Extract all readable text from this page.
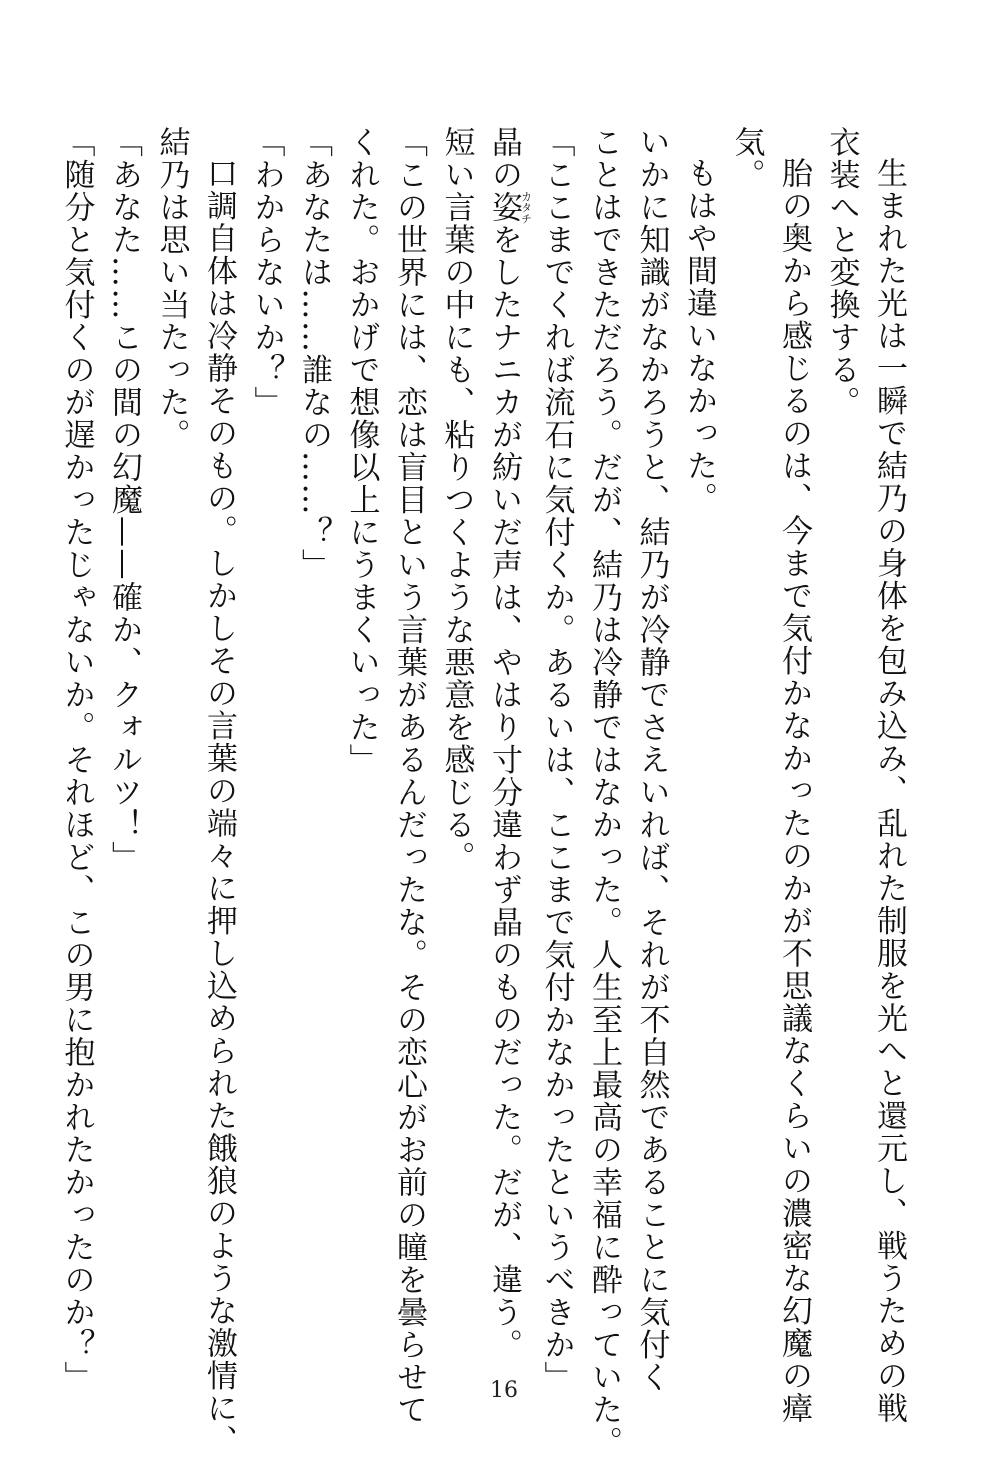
生まれた光は一瞬で結乃の身体を包み込み、乱れた制服を光へと還元し、戦うための戦

衣装へと変換する。

胎の奥から感じるのは、今まで気付かなかったのかが不思議なくらいの濃密な幻魔の瘴

気。

もはや間違いなかった。

いかに知識がなかろうと、結乃が冷静でさえいれば、それが不自然であることに気付く

ことはできただろう。だが、結乃は冷静ではなかった。人生至上最高の幸福に酔っていた。

「ここまでくれば流石に気付くか。あるいは、ここまで気付かなかったというべきか」

晶の姿カタチをしたナニカが紡いだ声は、やはり寸分違わず晶のものだった。だが、違う。

短い言葉の中にも、粘りつくような悪意を感じる。

「この世界には、恋は盲目という言葉があるんだったな。その恋心がお前の瞳を曇らせて

くれた。おかげで想像以上にうまくいった」

「あなたは……誰なの……？」

「わからないか？」

口調自体は冷静そのもの。しかしその言葉の端々に押し込められた餓狼のような激情に、

結乃は思い当たった。

「あなた……この間の幻魔——確か、クォルツ！」

「随分と気付くのが遅かったじゃないか。それほど、この男に抱かれたかったのか？」	16
